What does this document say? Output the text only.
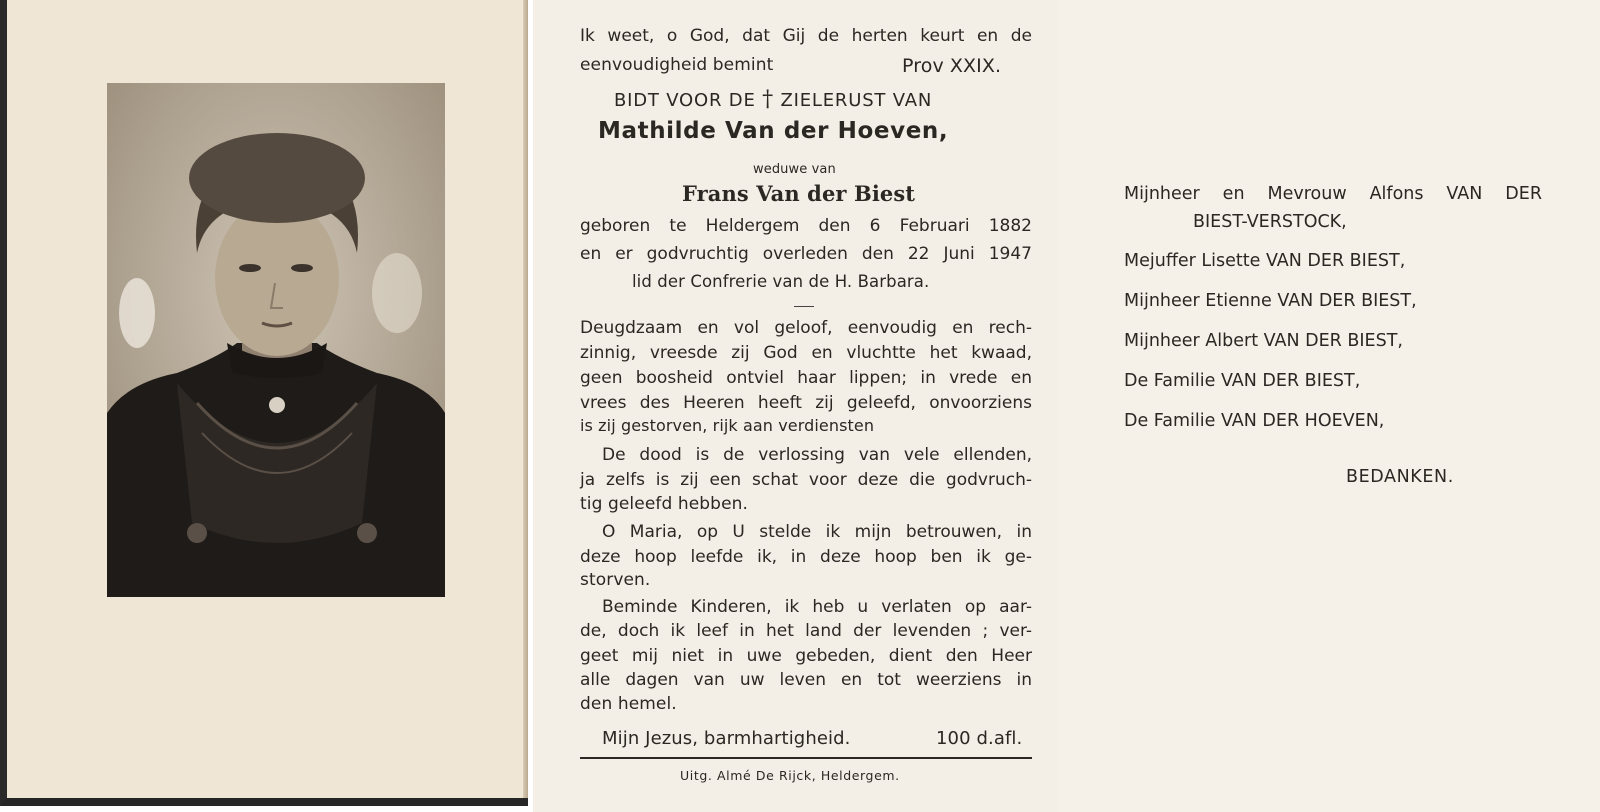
Ik weet, o God, dat Gij de herten keurt en de
eenvoudigheid bemint	Prov XXIX.
BIDT VOOR DE † ZIELERUST VAN
Mathilde Van der Hoeven,
weduwe van
Frans Van der Biest
geboren te Heldergem den 6 Februari 1882
en er godvruchtig overleden den 22 Juni 1947
lid der Confrerie van de H. Barbara.
Deugdzaam en vol geloof, eenvoudig en rech-
zinnig, vreesde zij God en vluchtte het kwaad,
geen boosheid ontviel haar lippen; in vrede en
vrees des Heeren heeft zij geleefd, onvoorziens
is zij gestorven, rijk aan verdiensten
De dood is de verlossing van vele ellenden,
ja zelfs is zij een schat voor deze die godvruch-
tig geleefd hebben.
O Maria, op U stelde ik mijn betrouwen, in
deze hoop leefde ik, in deze hoop ben ik ge-
storven.
Beminde Kinderen, ik heb u verlaten op aar-
de, doch ik leef in het land der levenden ; ver-
geet mij niet in uwe gebeden, dient den Heer
alle dagen van uw leven en tot weerziens in
den hemel.
Mijn Jezus, barmhartigheid.	100 d.afl.
Uitg. Almé De Rijck, Heldergem.
Mijnheer en Mevrouw Alfons VAN DER
BIEST-VERSTOCK,
Mejuffer Lisette VAN DER BIEST,
Mijnheer Etienne VAN DER BIEST,
Mijnheer Albert VAN DER BIEST,
De Familie VAN DER BIEST,
De Familie VAN DER HOEVEN,
BEDANKEN.
